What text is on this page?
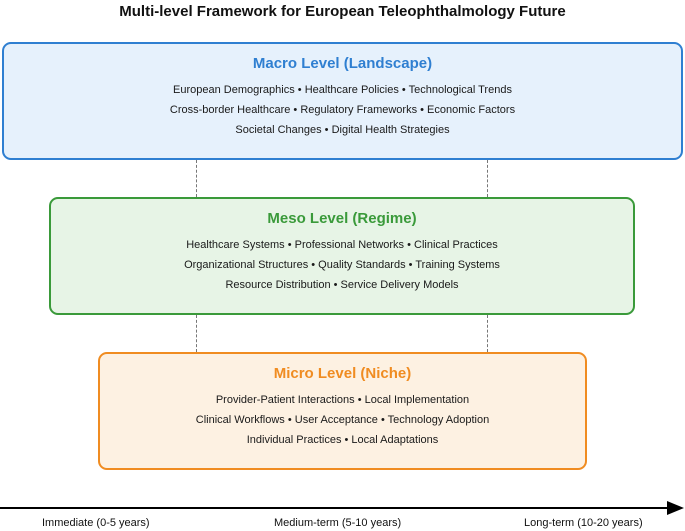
Multi-level Framework for European Teleophthalmology Future
Macro Level (Landscape)
European Demographics • Healthcare Policies • Technological Trends
Cross-border Healthcare • Regulatory Frameworks • Economic Factors
Societal Changes • Digital Health Strategies
Meso Level (Regime)
Healthcare Systems • Professional Networks • Clinical Practices
Organizational Structures • Quality Standards • Training Systems
Resource Distribution • Service Delivery Models
Micro Level (Niche)
Provider-Patient Interactions • Local Implementation
Clinical Workflows • User Acceptance • Technology Adoption
Individual Practices • Local Adaptations
Immediate (0-5 years)	Medium-term (5-10 years)	Long-term (10-20 years)
